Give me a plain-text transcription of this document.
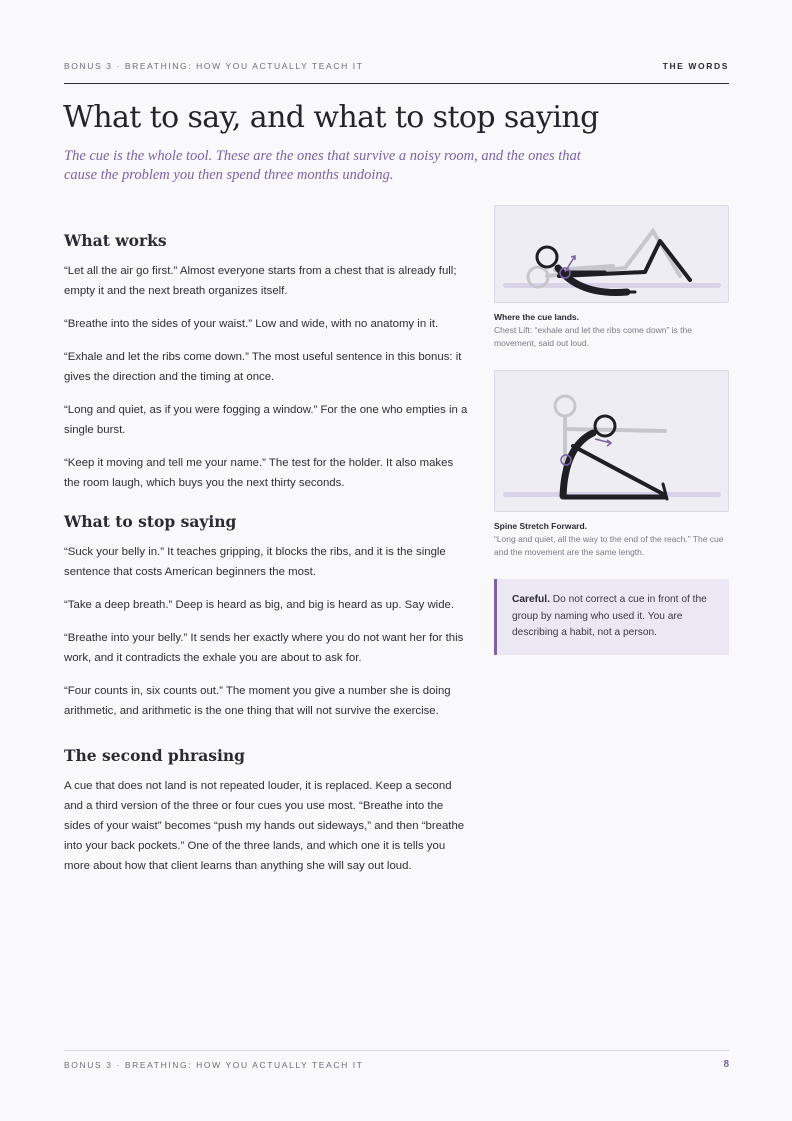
BONUS 3 · BREATHING: HOW YOU ACTUALLY TEACH IT	THE WORDS
What to say, and what to stop saying

The cue is the whole tool. These are the ones that survive a noisy room, and the ones that cause the problem you then spend three months undoing.

What works

“Let all the air go first.” Almost everyone starts from a chest that is already full; empty it and the next breath organizes itself.

“Breathe into the sides of your waist.” Low and wide, with no anatomy in it.

“Exhale and let the ribs come down.” The most useful sentence in this bonus: it gives the direction and the timing at once.

“Long and quiet, as if you were fogging a window.” For the one who empties in a single burst.

“Keep it moving and tell me your name.” The test for the holder. It also makes the room laugh, which buys you the next thirty seconds.

What to stop saying

“Suck your belly in.” It teaches gripping, it blocks the ribs, and it is the single sentence that costs American beginners the most.

“Take a deep breath.” Deep is heard as big, and big is heard as up. Say wide.

“Breathe into your belly.” It sends her exactly where you do not want her for this work, and it contradicts the exhale you are about to ask for.

“Four counts in, six counts out.” The moment you give a number she is doing arithmetic, and arithmetic is the one thing that will not survive the exercise.

The second phrasing

A cue that does not land is not repeated louder, it is replaced. Keep a second and a third version of the three or four cues you use most. “Breathe into the sides of your waist” becomes “push my hands out sideways,” and then “breathe into your back pockets.” One of the three lands, and which one it is tells you more about how that client learns than anything she will say out loud.

Where the cue lands.

Chest Lift: “exhale and let the ribs come down” is the movement, said out loud.

Spine Stretch Forward.

“Long and quiet, all the way to the end of the reach.” The cue and the movement are the same length.

Careful. Do not correct a cue in front of the group by naming who used it. You are describing a habit, not a person.
BONUS 3 · BREATHING: HOW YOU ACTUALLY TEACH IT	8
